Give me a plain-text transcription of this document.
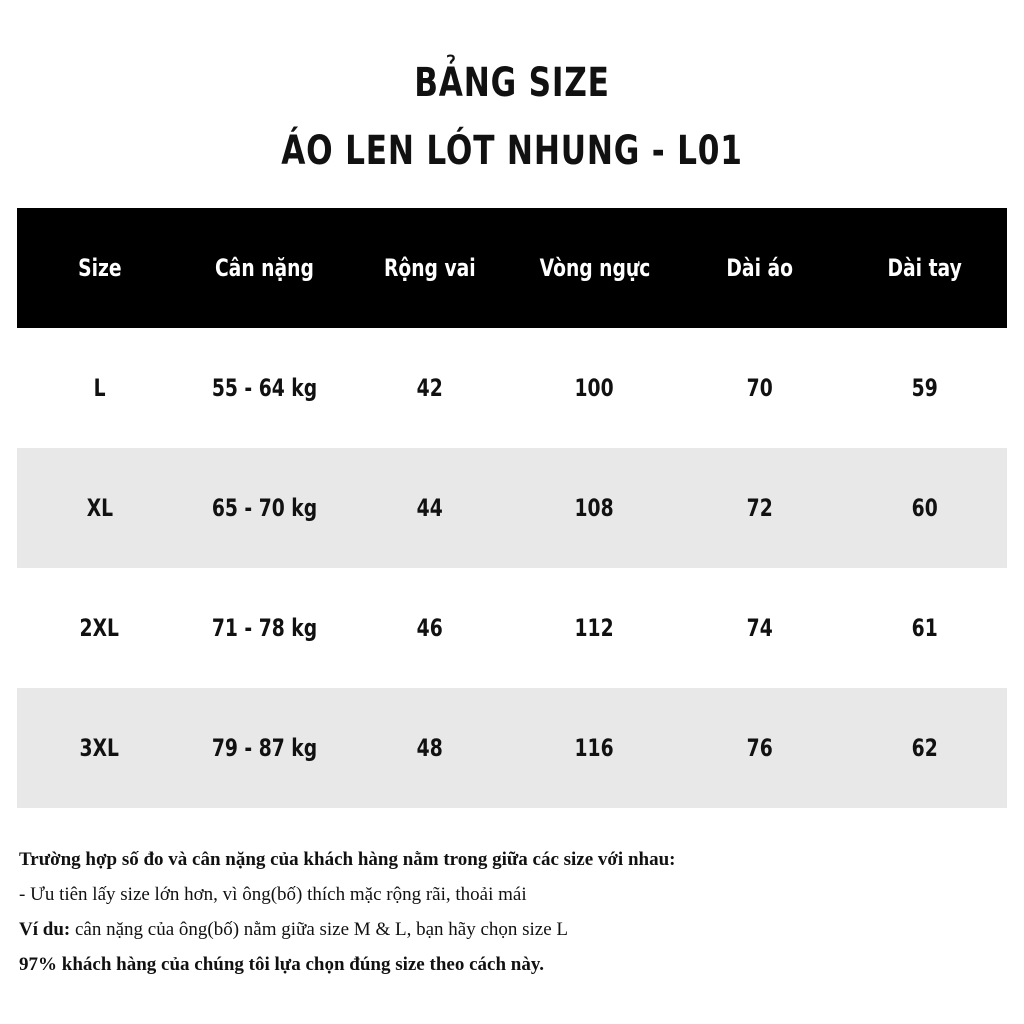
BẢNG SIZE
ÁO LEN LÓT NHUNG - L01
Size	Cân nặng	Rộng vai	Vòng ngực	Dài áo	Dài tay
L	55 - 64 kg	42	100	70	59
XL	65 - 70 kg	44	108	72	60
2XL	71 - 78 kg	46	112	74	61
3XL	79 - 87 kg	48	116	76	62
Trường hợp số đo và cân nặng của khách hàng nằm trong giữa các size với nhau:
- Ưu tiên lấy size lớn hơn, vì ông(bố) thích mặc rộng rãi, thoải mái
Ví du: cân nặng của ông(bố) nằm giữa size M & L, bạn hãy chọn size L
97% khách hàng của chúng tôi lựa chọn đúng size theo cách này.
